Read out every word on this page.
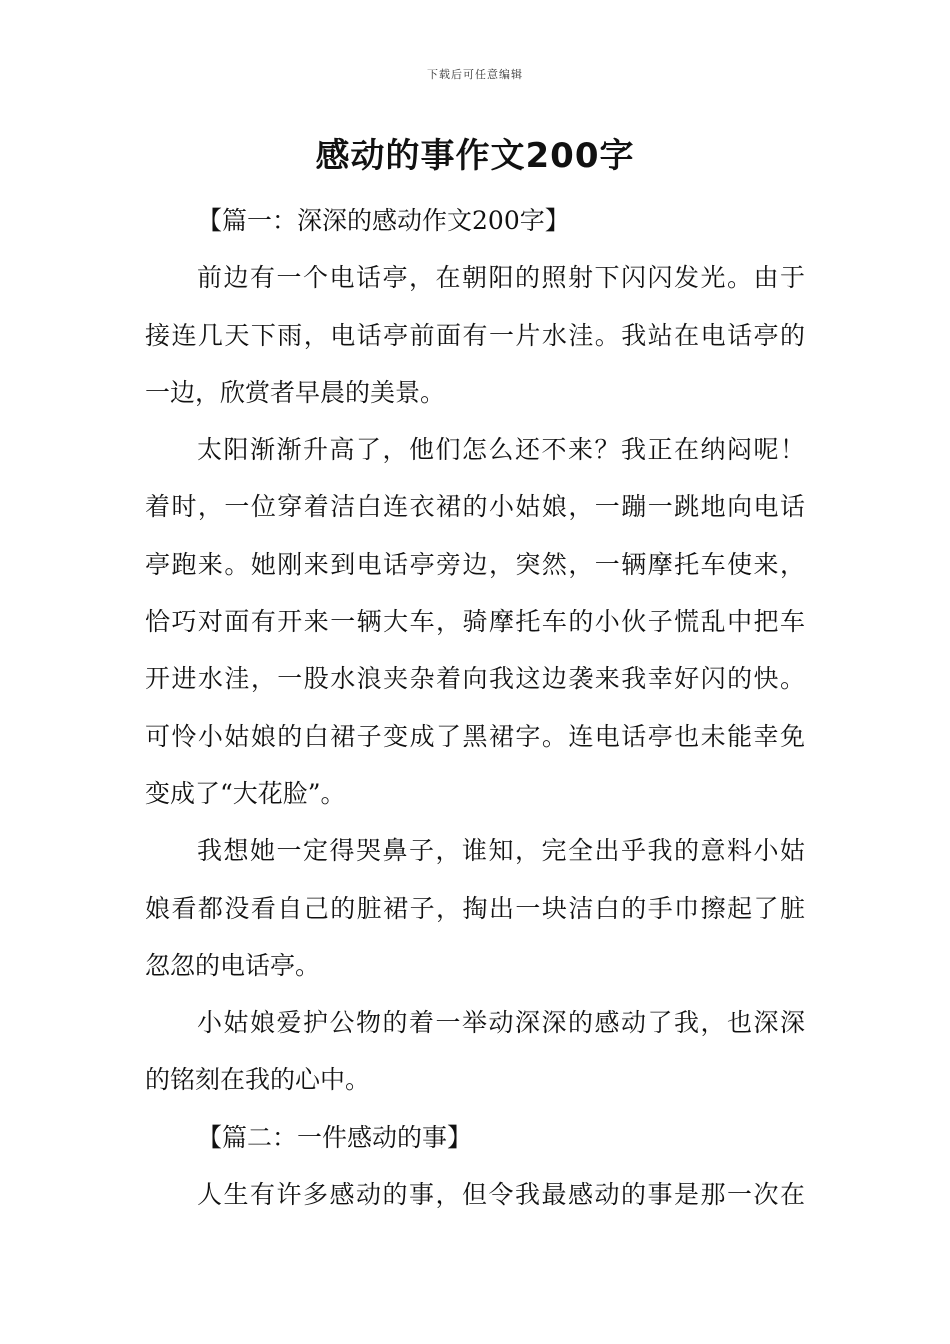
下载后可任意编辑
感动的事作文200字
【篇一：深深的感动作文200字】
前边有一个电话亭，在朝阳的照射下闪闪发光。由于
接连几天下雨，电话亭前面有一片水洼。我站在电话亭的
一边，欣赏者早晨的美景。
太阳渐渐升高了，他们怎么还不来？我正在纳闷呢！
着时，一位穿着洁白连衣裙的小姑娘，一蹦一跳地向电话
亭跑来。她刚来到电话亭旁边，突然，一辆摩托车使来，
恰巧对面有开来一辆大车，骑摩托车的小伙子慌乱中把车
开进水洼，一股水浪夹杂着向我这边袭来我幸好闪的快。
可怜小姑娘的白裙子变成了黑裙字。连电话亭也未能幸免
变成了“大花脸”。
我想她一定得哭鼻子，谁知，完全出乎我的意料小姑
娘看都没看自己的脏裙子，掏出一块洁白的手巾擦起了脏
忽忽的电话亭。
小姑娘爱护公物的着一举动深深的感动了我，也深深
的铭刻在我的心中。
【篇二：一件感动的事】
人生有许多感动的事，但令我最感动的事是那一次在
